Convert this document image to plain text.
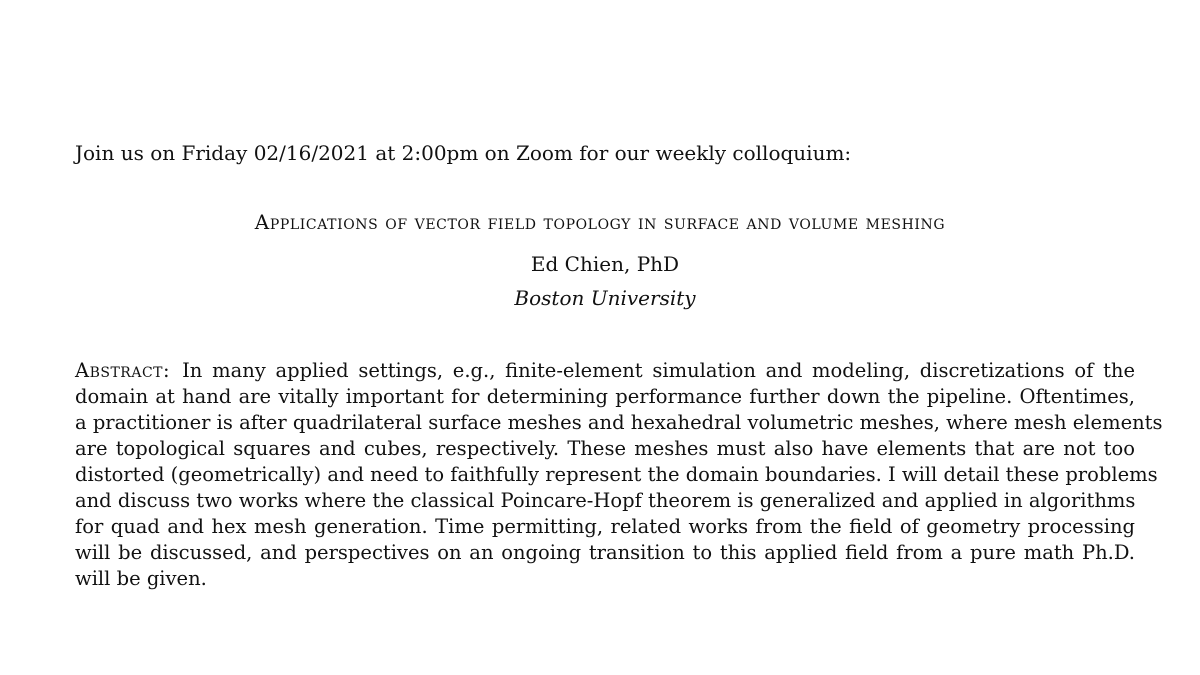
Join us on Friday 02/16/2021 at 2:00pm on Zoom for our weekly colloquium:
Applications of vector field topology in surface and volume meshing
Ed Chien, PhD
Boston University
Abstract: In many applied settings, e.g., finite-element simulation and modeling, discretizations of the
domain at hand are vitally important for determining performance further down the pipeline. Oftentimes,
a practitioner is after quadrilateral surface meshes and hexahedral volumetric meshes, where mesh elements
are topological squares and cubes, respectively. These meshes must also have elements that are not too
distorted (geometrically) and need to faithfully represent the domain boundaries. I will detail these problems
and discuss two works where the classical Poincare-Hopf theorem is generalized and applied in algorithms
for quad and hex mesh generation. Time permitting, related works from the field of geometry processing
will be discussed, and perspectives on an ongoing transition to this applied field from a pure math Ph.D.
will be given.
